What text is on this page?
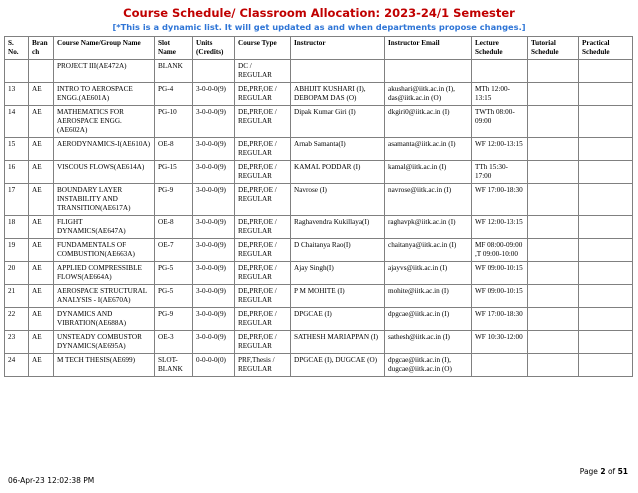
Course Schedule/ Classroom Allocation: 2023-24/1 Semester
[*This is a dynamic list. It will get updated as and when departments propose changes.]
S. No.	Branch	Course Name/Group Name	Slot Name	Units (Credits)	Course Type	Instructor	Instructor Email	Lecture Schedule	Tutorial Schedule	Practical Schedule
		PROJECT III(AE472A)	BLANK		DC / REGULAR					
13	AE	INTRO TO AEROSPACE ENGG.(AE601A)	PG-4	3-0-0-0(9)	DE,PRF,OE / REGULAR	ABHIJIT KUSHARI (I), DEBOPAM DAS (O)	akushari@iitk.ac.in (I), das@iitk.ac.in (O)	MTh 12:00-13:15		
14	AE	MATHEMATICS FOR AEROSPACE ENGG.(AE602A)	PG-10	3-0-0-0(9)	DE,PRF,OE / REGULAR	Dipak Kumar Giri (I)	dkgiri0@iitk.ac.in (I)	TWTh 08:00-09:00		
15	AE	AERODYNAMICS-I(AE610A)	OE-8	3-0-0-0(9)	DE,PRF,OE / REGULAR	Arnab Samanta(I)	asamanta@iitk.ac.in (I)	WF 12:00-13:15		
16	AE	VISCOUS FLOWS(AE614A)	PG-15	3-0-0-0(9)	DE,PRF,OE / REGULAR	KAMAL PODDAR (I)	kamal@iitk.ac.in (I)	TTh 15:30-17:00		
17	AE	BOUNDARY LAYER INSTABILITY AND TRANSITION(AE617A)	PG-9	3-0-0-0(9)	DE,PRF,OE / REGULAR	Navrose (I)	navrose@iitk.ac.in (I)	WF 17:00-18:30		
18	AE	FLIGHT DYNAMICS(AE647A)	OE-8	3-0-0-0(9)	DE,PRF,OE / REGULAR	Raghavendra Kukillaya(I)	raghavpk@iitk.ac.in (I)	WF 12:00-13:15		
19	AE	FUNDAMENTALS OF COMBUSTION(AE663A)	OE-7	3-0-0-0(9)	DE,PRF,OE / REGULAR	D Chaitanya Rao(I)	chaitanya@iitk.ac.in (I)	MF 08:00-09:00 ,T 09:00-10:00		
20	AE	APPLIED COMPRESSIBLE FLOWS(AE664A)	PG-5	3-0-0-0(9)	DE,PRF,OE / REGULAR	Ajay Singh(I)	ajayvs@iitk.ac.in (I)	WF 09:00-10:15		
21	AE	AEROSPACE STRUCTURAL ANALYSIS - I(AE670A)	PG-5	3-0-0-0(9)	DE,PRF,OE / REGULAR	P M MOHITE (I)	mohite@iitk.ac.in (I)	WF 09:00-10:15		
22	AE	DYNAMICS AND VIBRATION(AE688A)	PG-9	3-0-0-0(9)	DE,PRF,OE / REGULAR	DPGCAE (I)	dpgcae@iitk.ac.in (I)	WF 17:00-18:30		
23	AE	UNSTEADY COMBUSTOR DYNAMICS(AE695A)	OE-3	3-0-0-0(9)	DE,PRF,OE / REGULAR	SATHESH MARIAPPAN (I)	sathesh@iitk.ac.in (I)	WF 10:30-12:00		
24	AE	M TECH THESIS(AE699)	SLOT-BLANK	0-0-0-0(0)	PRF,Thesis / REGULAR	DPGCAE (I), DUGCAE (O)	dpgcae@iitk.ac.in (I), dugcae@iitk.ac.in (O)			
Page 2 of 51
06-Apr-23 12:02:38 PM
